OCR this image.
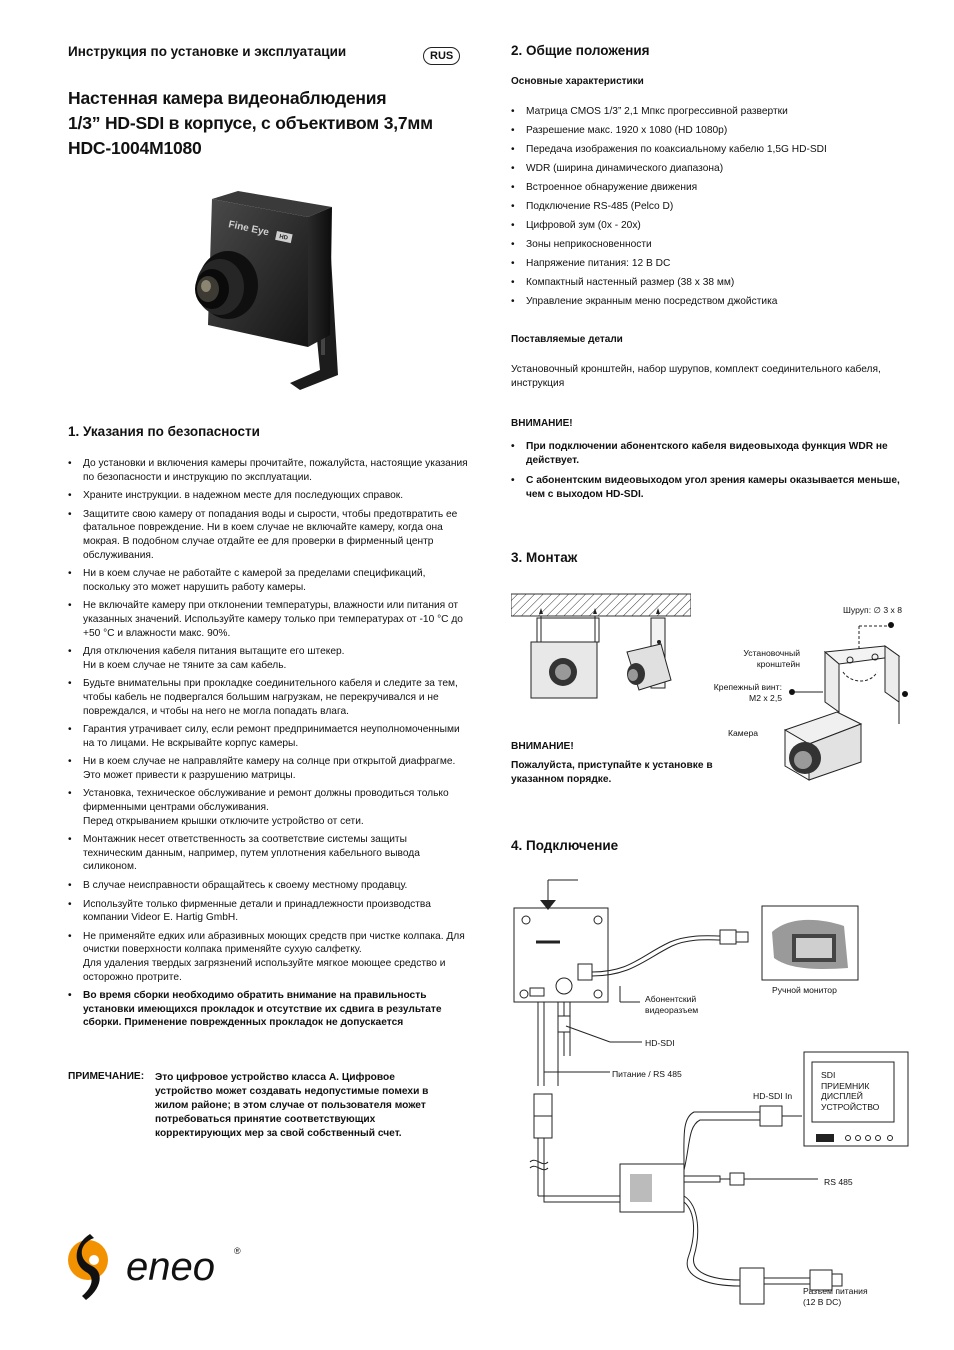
Инструкция по установке и эксплуатации	RUS
Настенная камера видеонаблюдения
1/3” HD-SDI в корпусе, с объективом 3,7мм
HDC-1004M1080
Fine Eye HD
1. Указания по безопасности
• До установки и включения камеры прочитайте, пожалуйста, настоящие указания по безопасности и инструкцию по эксплуатации.
• Храните инструкции. в надежном месте для последующих справок.
• Защитите свою камеру от попадания воды и сырости, чтобы предотвратить ее фатальное повреждение. Ни в коем случае не включайте камеру, когда она мокрая. В подобном случае отдайте ее для проверки в фирменный центр обслуживания.
• Ни в коем случае не работайте с камерой за пределами спецификаций, поскольку это может нарушить работу камеры.
• Не включайте камеру при отклонении температуры, влажности или питания от указанных значений. Используйте камеру только при температурах от -10 °C до +50 °C и влажности макс. 90%.
• Для отключения кабеля питания вытащите его штекер.
Ни в коем случае не тяните за сам кабель.
• Будьте внимательны при прокладке соединительного кабеля и следите за тем, чтобы кабель не подвергался большим нагрузкам, не перекручивался и не повреждался, и чтобы на него не могла попадать влага.
• Гарантия утрачивает силу, если ремонт предпринимается неуполномоченными на то лицами. Не вскрывайте корпус камеры.
• Ни в коем случае не направляйте камеру на солнце при открытой диафрагме. Это может привести к разрушению матрицы.
• Установка, техническое обслуживание и ремонт должны проводиться только фирменными центрами обслуживания.
Перед открыванием крышки отключите устройство от сети.
• Монтажник несет ответственность за соответствие системы защиты техническим данным, например, путем уплотнения кабельного вывода силиконом.
• В случае неисправности обращайтесь к своему местному продавцу.
• Используйте только фирменные детали и принадлежности производства компании Videor E. Hartig GmbH.
• Не применяйте едких или абразивных моющих средств при чистке колпака. Для очистки поверхности колпака применяйте сухую салфетку.
Для удаления твердых загрязнений используйте мягкое моющее средство и осторожно протрите.
• Во время сборки необходимо обратить внимание на правильность установки имеющихся прокладок и отсутствие их сдвига в результате сборки. Применение поврежденных прокладок не допускается
ПРИМЕЧАНИЕ: Это цифровое устройство класса А. Цифровое устройство может создавать недопустимые помехи в жилом районе; в этом случае от пользователя может потребоваться принятие соответствующих корректирующих мер за свой собственный счет.
eneo ®
2. Общие положения
Основные характеристики
• Матрица CMOS 1/3” 2,1 Мпкс прогрессивной развертки
• Разрешение макс. 1920 x 1080 (HD 1080p)
• Передача изображения по коаксиальному кабелю 1,5G HD-SDI
• WDR (ширина динамического диапазона)
• Встроенное обнаружение движения
• Подключение RS-485 (Pelco D)
• Цифровой зум (0x - 20x)
• Зоны неприкосновенности
• Напряжение питания: 12 В DC
• Компактный настенный размер (38 x 38 мм)
• Управление экранным меню посредством джойстика
Поставляемые детали
Установочный кронштейн, набор шурупов, комплект соединительного кабеля, инструкция
ВНИМАНИЕ!
• При подключении абонентского кабеля видеовыхода функция WDR не действует.
• С абонентским видеовыходом угол зрения камеры оказывается меньше, чем с выходом HD-SDI.
3. Монтаж
Шуруп: ∅ 3 x 8
Установочный
кронштейн
Крепежный винт:
M2 x 2,5
Камера
ВНИМАНИЕ!
Пожалуйста, приступайте к установке в указанном порядке.
4. Подключение
Ручной монитор
Абонентский
видеоразъем
HD-SDI
Питание / RS 485
HD-SDI In
SDI
ПРИЕМНИК
ДИСПЛЕЙ
УСТРОЙСТВО
RS 485
Разъем питания
(12 В DC)
